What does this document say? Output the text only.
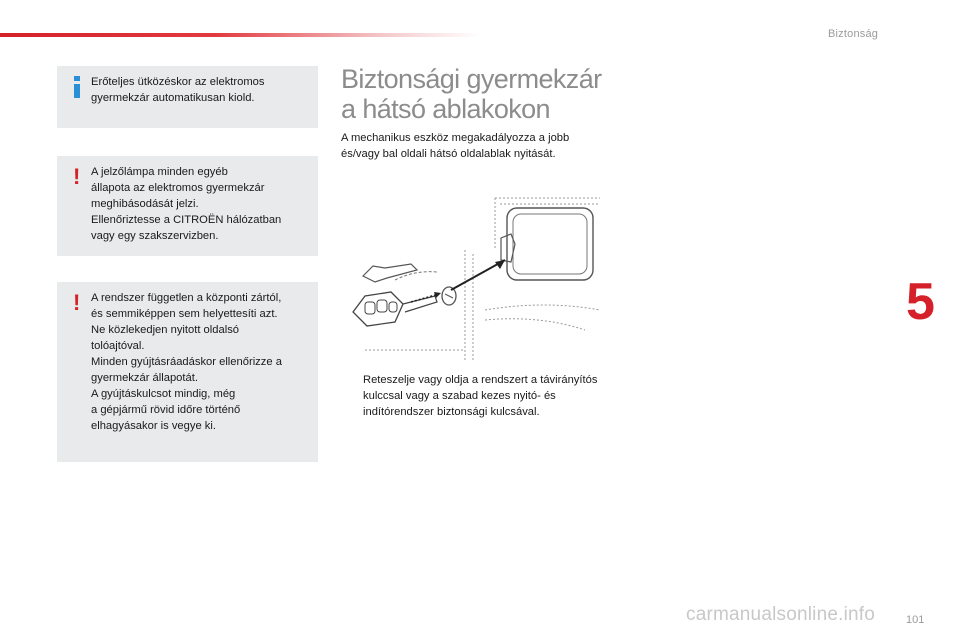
Biztonság
5
101
Erőteljes ütközéskor az elektromos
gyermekzár automatikusan kiold.
! A jelzőlámpa minden egyéb
állapota az elektromos gyermekzár
meghibásodását jelzi.
Ellenőriztesse a CITROËN hálózatban
vagy egy szakszervizben.
! A rendszer független a központi zártól,
és semmiképpen sem helyettesíti azt.
Ne közlekedjen nyitott oldalsó
tolóajtóval.
Minden gyújtásráadáskor ellenőrizze a
gyermekzár állapotát.
A gyújtáskulcsot mindig, még
a gépjármű rövid időre történő
elhagyásakor is vegye ki.
Biztonsági gyermekzár
a hátsó ablakokon
A mechanikus eszköz megakadályozza a jobb és/vagy bal oldali hátsó oldalablak nyitását.
Reteszelje vagy oldja a rendszert a távirányítós kulccsal vagy a szabad kezes nyitó- és indítórendszer biztonsági kulcsával.
carmanualsonline.info
